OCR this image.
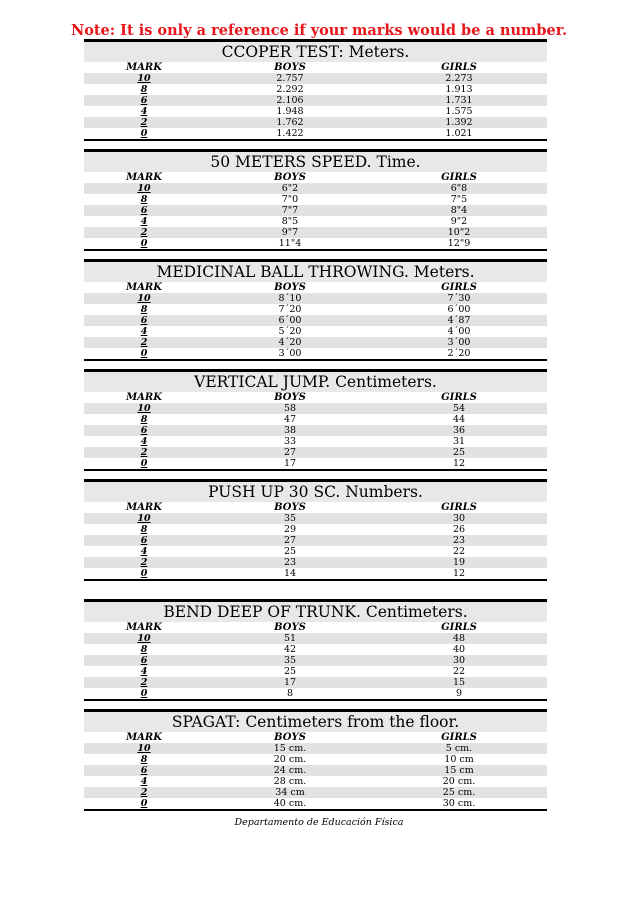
Note: It is only a reference if your marks would be a number.
CCOPER TEST: Meters.
MARK	BOYS	GIRLS
10	2.757	2.273
8	2.292	1.913
6	2.106	1.731
4	1.948	1.575
2	1.762	1.392
0	1.422	1.021
50 METERS SPEED. Time.
MARK	BOYS	GIRLS
10	6"2	6"8
8	7"0	7"5
6	7"7	8"4
4	8"5	9"2
2	9"7	10"2
0	11"4	12"9
MEDICINAL BALL THROWING. Meters.
MARK	BOYS	GIRLS
10	8´10	7´30
8	7´20	6´00
6	6´00	4´87
4	5´20	4´00
2	4´20	3´00
0	3´00	2´20
VERTICAL JUMP. Centimeters.
MARK	BOYS	GIRLS
10	58	54
8	47	44
6	38	36
4	33	31
2	27	25
0	17	12
PUSH UP 30 SC. Numbers.
MARK	BOYS	GIRLS
10	35	30
8	29	26
6	27	23
4	25	22
2	23	19
0	14	12
BEND DEEP OF TRUNK. Centimeters.
MARK	BOYS	GIRLS
10	51	48
8	42	40
6	35	30
4	25	22
2	17	15
0	8	9
SPAGAT: Centimeters from the floor.
MARK	BOYS	GIRLS
10	15 cm.	5 cm.
8	20 cm.	10 cm
6	24 cm.	15 cm
4	28 cm.	20 cm.
2	34 cm	25 cm.
0	40 cm.	30 cm.
Departamento de Educación Física
